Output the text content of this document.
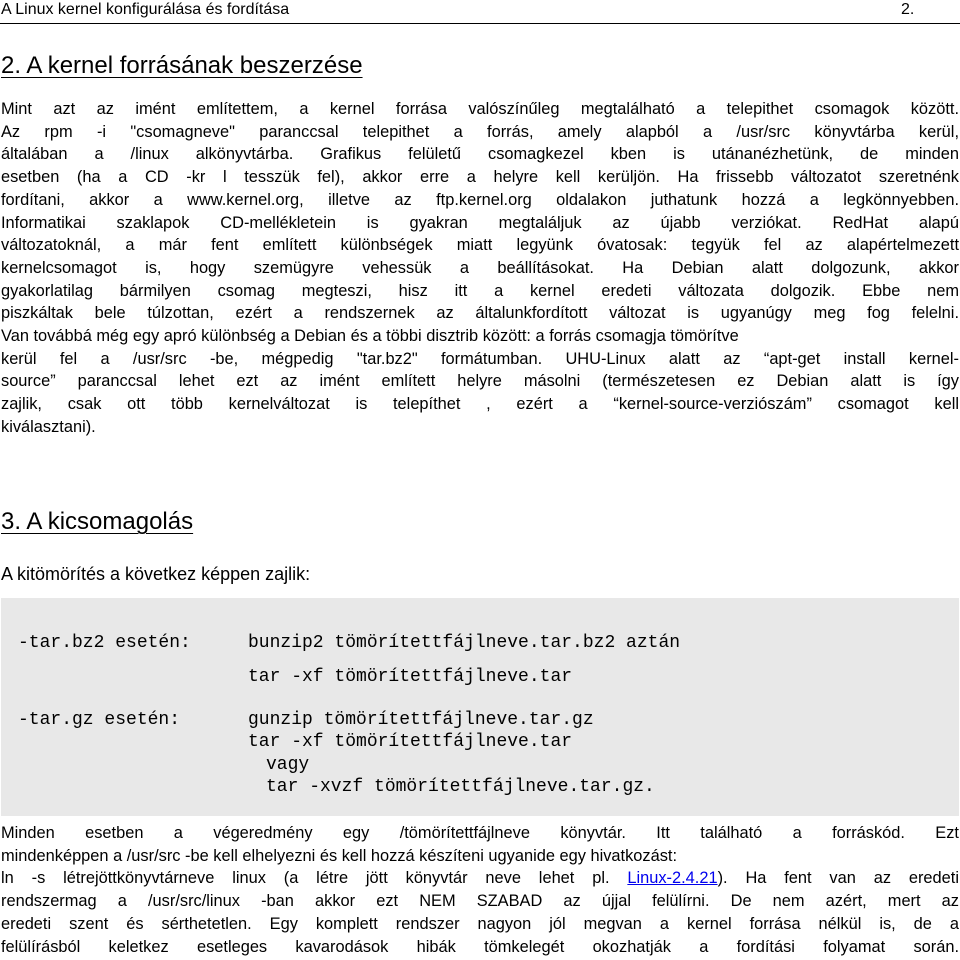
A Linux kernel konfigurálása és fordítása	2.
2. A kernel forrásának beszerzése
Mint azt az imént említettem, a kernel forrása valószínűleg megtalálható a telepithet csomagok között.
Az rpm -i "csomagneve" paranccsal telepithet a forrás, amely alapból a /usr/src könyvtárba kerül,
általában a /linux alkönyvtárba. Grafikus felületű csomagkezel kben is utánanézhetünk, de minden
esetben (ha a CD -kr l tesszük fel), akkor erre a helyre kell kerüljön. Ha frissebb változatot szeretnénk
fordítani, akkor a www.kernel.org, illetve az ftp.kernel.org oldalakon juthatunk hozzá a legkönnyebben.
Informatikai szaklapok CD-mellékletein is gyakran megtaláljuk az újabb verziókat. RedHat alapú
változatoknál, a már fent említett különbségek miatt legyünk óvatosak: tegyük fel az alapértelmezett
kernelcsomagot is, hogy szemügyre vehessük a beállításokat. Ha Debian alatt dolgozunk, akkor
gyakorlatilag bármilyen csomag megteszi, hisz itt a kernel eredeti változata dolgozik. Ebbe nem
piszkáltak bele túlzottan, ezért a rendszernek az általunkfordított változat is ugyanúgy meg fog felelni.
Van továbbá még egy apró különbség a Debian és a többi disztrib között: a forrás csomagja tömörítve
kerül fel a /usr/src -be, mégpedig "tar.bz2" formátumban. UHU-Linux alatt az “apt-get install kernel-
source” paranccsal lehet ezt az imént említett helyre másolni (természetesen ez Debian alatt is így
zajlik, csak ott több kernelváltozat is telepíthet , ezért a “kernel-source-verziószám” csomagot kell
kiválasztani).
3. A kicsomagolás
A kitömörítés a következ képpen zajlik:
-tar.bz2 esetén:	bunzip2 tömörítettfájlneve.tar.bz2 aztán
tar -xf tömörítettfájlneve.tar
-tar.gz esetén:	gunzip tömörítettfájlneve.tar.gz
tar -xf tömörítettfájlneve.tar
vagy
tar -xvzf tömörítettfájlneve.tar.gz.
Minden esetben a végeredmény egy /tömörítettfájlneve könyvtár. Itt található a forráskód. Ezt
mindenképpen a /usr/src -be kell elhelyezni és kell hozzá készíteni ugyanide egy hivatkozást:
ln -s létrejöttkönyvtárneve linux (a létre jött könyvtár neve lehet pl. Linux-2.4.21). Ha fent van az eredeti
rendszermag a /usr/src/linux -ban akkor ezt NEM SZABAD az újjal felülírni. De nem azért, mert az
eredeti szent és sérthetetlen. Egy komplett rendszer nagyon jól megvan a kernel forrása nélkül is, de a
felülírásból keletkez esetleges kavarodások hibák tömkelegét okozhatják a fordítási folyamat során.
